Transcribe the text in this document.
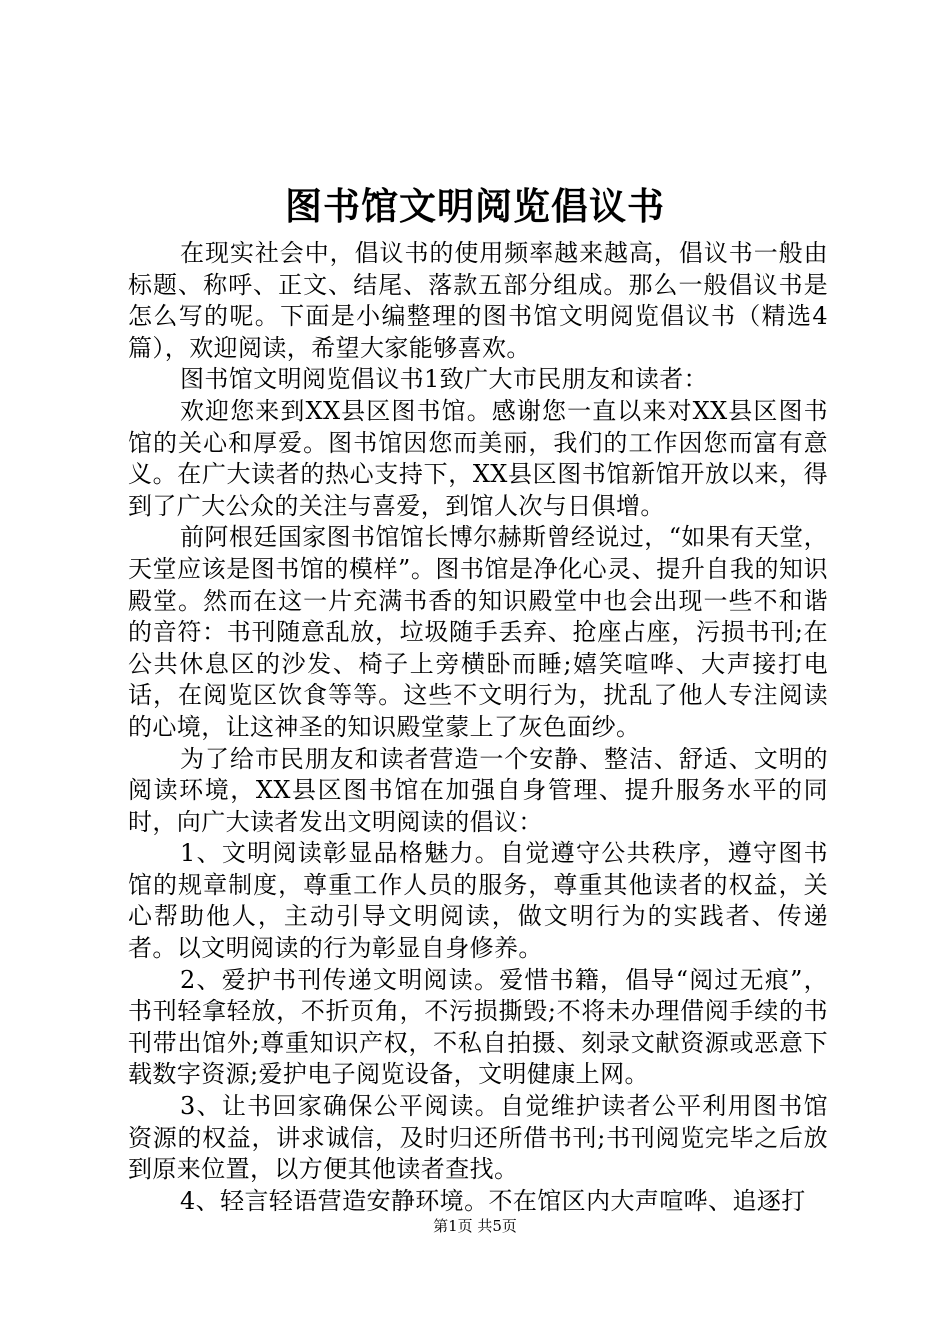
图书馆文明阅览倡议书

在现实社会中，倡议书的使用频率越来越高，倡议书一般由标题、称呼、正文、结尾、落款五部分组成。那么一般倡议书是怎么写的呢。下面是小编整理的图书馆文明阅览倡议书（精选4篇），欢迎阅读，希望大家能够喜欢。

图书馆文明阅览倡议书1致广大市民朋友和读者：

欢迎您来到XX县区图书馆。感谢您一直以来对XX县区图书馆的关心和厚爱。图书馆因您而美丽，我们的工作因您而富有意义。在广大读者的热心支持下，XX县区图书馆新馆开放以来，得到了广大公众的关注与喜爱，到馆人次与日俱增。

前阿根廷国家图书馆馆长博尔赫斯曾经说过，“如果有天堂，天堂应该是图书馆的模样”。图书馆是净化心灵、提升自我的知识殿堂。然而在这一片充满书香的知识殿堂中也会出现一些不和谐的音符：书刊随意乱放，垃圾随手丢弃、抢座占座，污损书刊;在公共休息区的沙发、椅子上旁横卧而睡;嬉笑喧哗、大声接打电话，在阅览区饮食等等。这些不文明行为，扰乱了他人专注阅读的心境，让这神圣的知识殿堂蒙上了灰色面纱。

为了给市民朋友和读者营造一个安静、整洁、舒适、文明的阅读环境，XX县区图书馆在加强自身管理、提升服务水平的同时，向广大读者发出文明阅读的倡议：

1、文明阅读彰显品格魅力。自觉遵守公共秩序，遵守图书馆的规章制度，尊重工作人员的服务，尊重其他读者的权益，关心帮助他人，主动引导文明阅读，做文明行为的实践者、传递者。以文明阅读的行为彰显自身修养。

2、爱护书刊传递文明阅读。爱惜书籍，倡导“阅过无痕”，书刊轻拿轻放，不折页角，不污损撕毁;不将未办理借阅手续的书刊带出馆外;尊重知识产权，不私自拍摄、刻录文献资源或恶意下载数字资源;爱护电子阅览设备，文明健康上网。

3、让书回家确保公平阅读。自觉维护读者公平利用图书馆资源的权益，讲求诚信，及时归还所借书刊;书刊阅览完毕之后放到原来位置，以方便其他读者查找。

4、轻言轻语营造安静环境。不在馆区内大声喧哗、追逐打

第1页 共5页
